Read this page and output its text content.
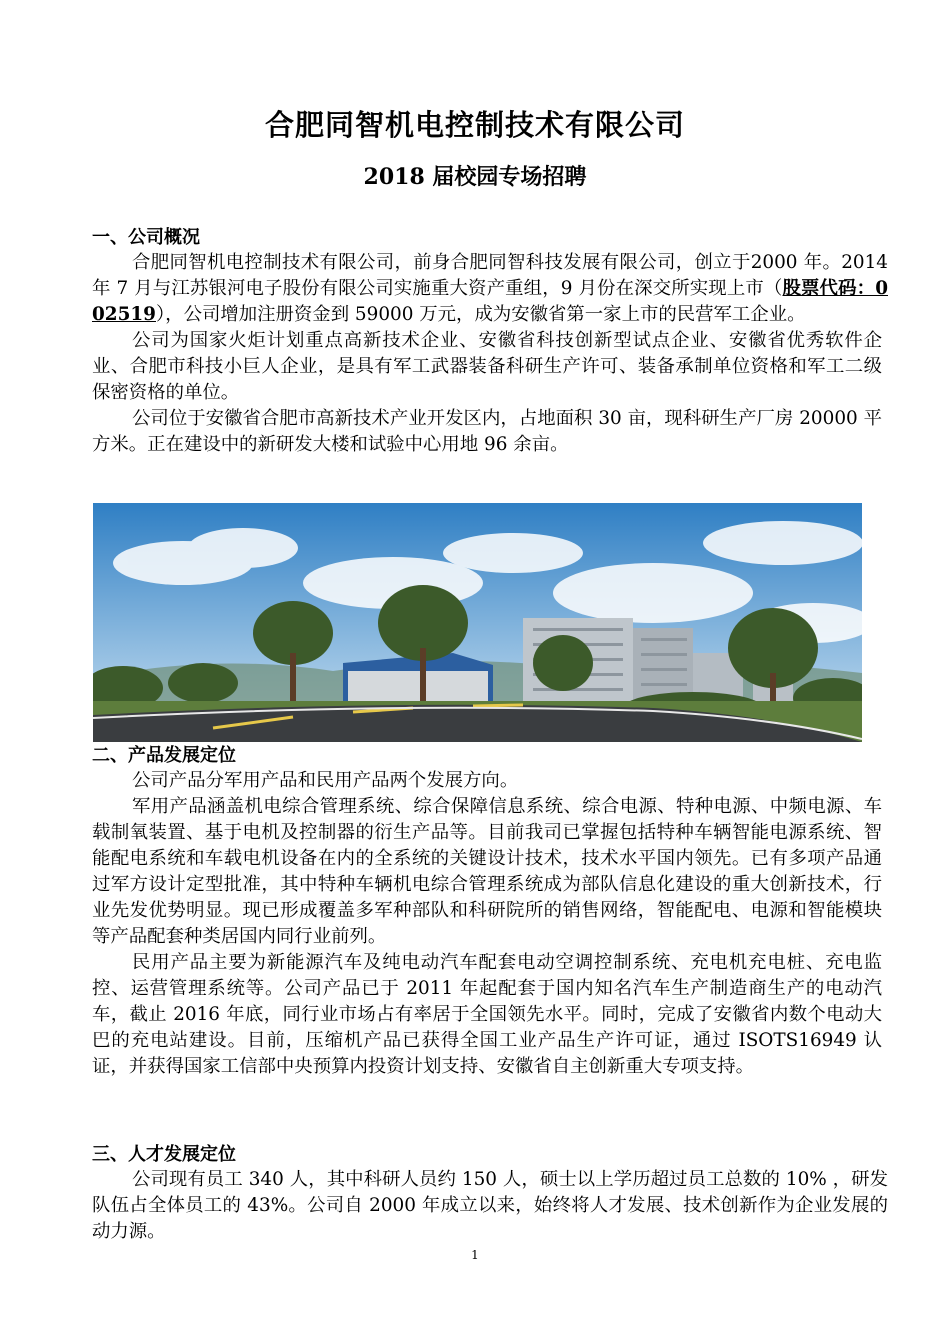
合肥同智机电控制技术有限公司
2018 届校园专场招聘
一、公司概况
合肥同智机电控制技术有限公司，前身合肥同智科技发展有限公司，创立于2000 年。2014 年 7 月与江苏银河电子股份有限公司实施重大资产重组，9 月份在深交所实现上市（股票代码：002519），公司增加注册资金到 59000 万元，成为安徽省第一家上市的民营军工企业。
公司为国家火炬计划重点高新技术企业、安徽省科技创新型试点企业、安徽省优秀软件企业、合肥市科技小巨人企业，是具有军工武器装备科研生产许可、装备承制单位资格和军工二级保密资格的单位。
公司位于安徽省合肥市高新技术产业开发区内，占地面积 30 亩，现科研生产厂房 20000 平方米。正在建设中的新研发大楼和试验中心用地 96 余亩。
二、产品发展定位
公司产品分军用产品和民用产品两个发展方向。
军用产品涵盖机电综合管理系统、综合保障信息系统、综合电源、特种电源、中频电源、车载制氧装置、基于电机及控制器的衍生产品等。目前我司已掌握包括特种车辆智能电源系统、智能配电系统和车载电机设备在内的全系统的关键设计技术，技术水平国内领先。已有多项产品通过军方设计定型批准，其中特种车辆机电综合管理系统成为部队信息化建设的重大创新技术，行业先发优势明显。现已形成覆盖多军种部队和科研院所的销售网络，智能配电、电源和智能模块等产品配套种类居国内同行业前列。
民用产品主要为新能源汽车及纯电动汽车配套电动空调控制系统、充电机充电桩、充电监控、运营管理系统等。公司产品已于 2011 年起配套于国内知名汽车生产制造商生产的电动汽车，截止 2016 年底，同行业市场占有率居于全国领先水平。同时，完成了安徽省内数个电动大巴的充电站建设。目前，压缩机产品已获得全国工业产品生产许可证，通过 ISOTS16949 认证，并获得国家工信部中央预算内投资计划支持、安徽省自主创新重大专项支持。
三、人才发展定位
公司现有员工 340 人，其中科研人员约 150 人，硕士以上学历超过员工总数的 10% ，研发队伍占全体员工的 43%。公司自 2000 年成立以来，始终将人才发展、技术创新作为企业发展的动力源。
1
